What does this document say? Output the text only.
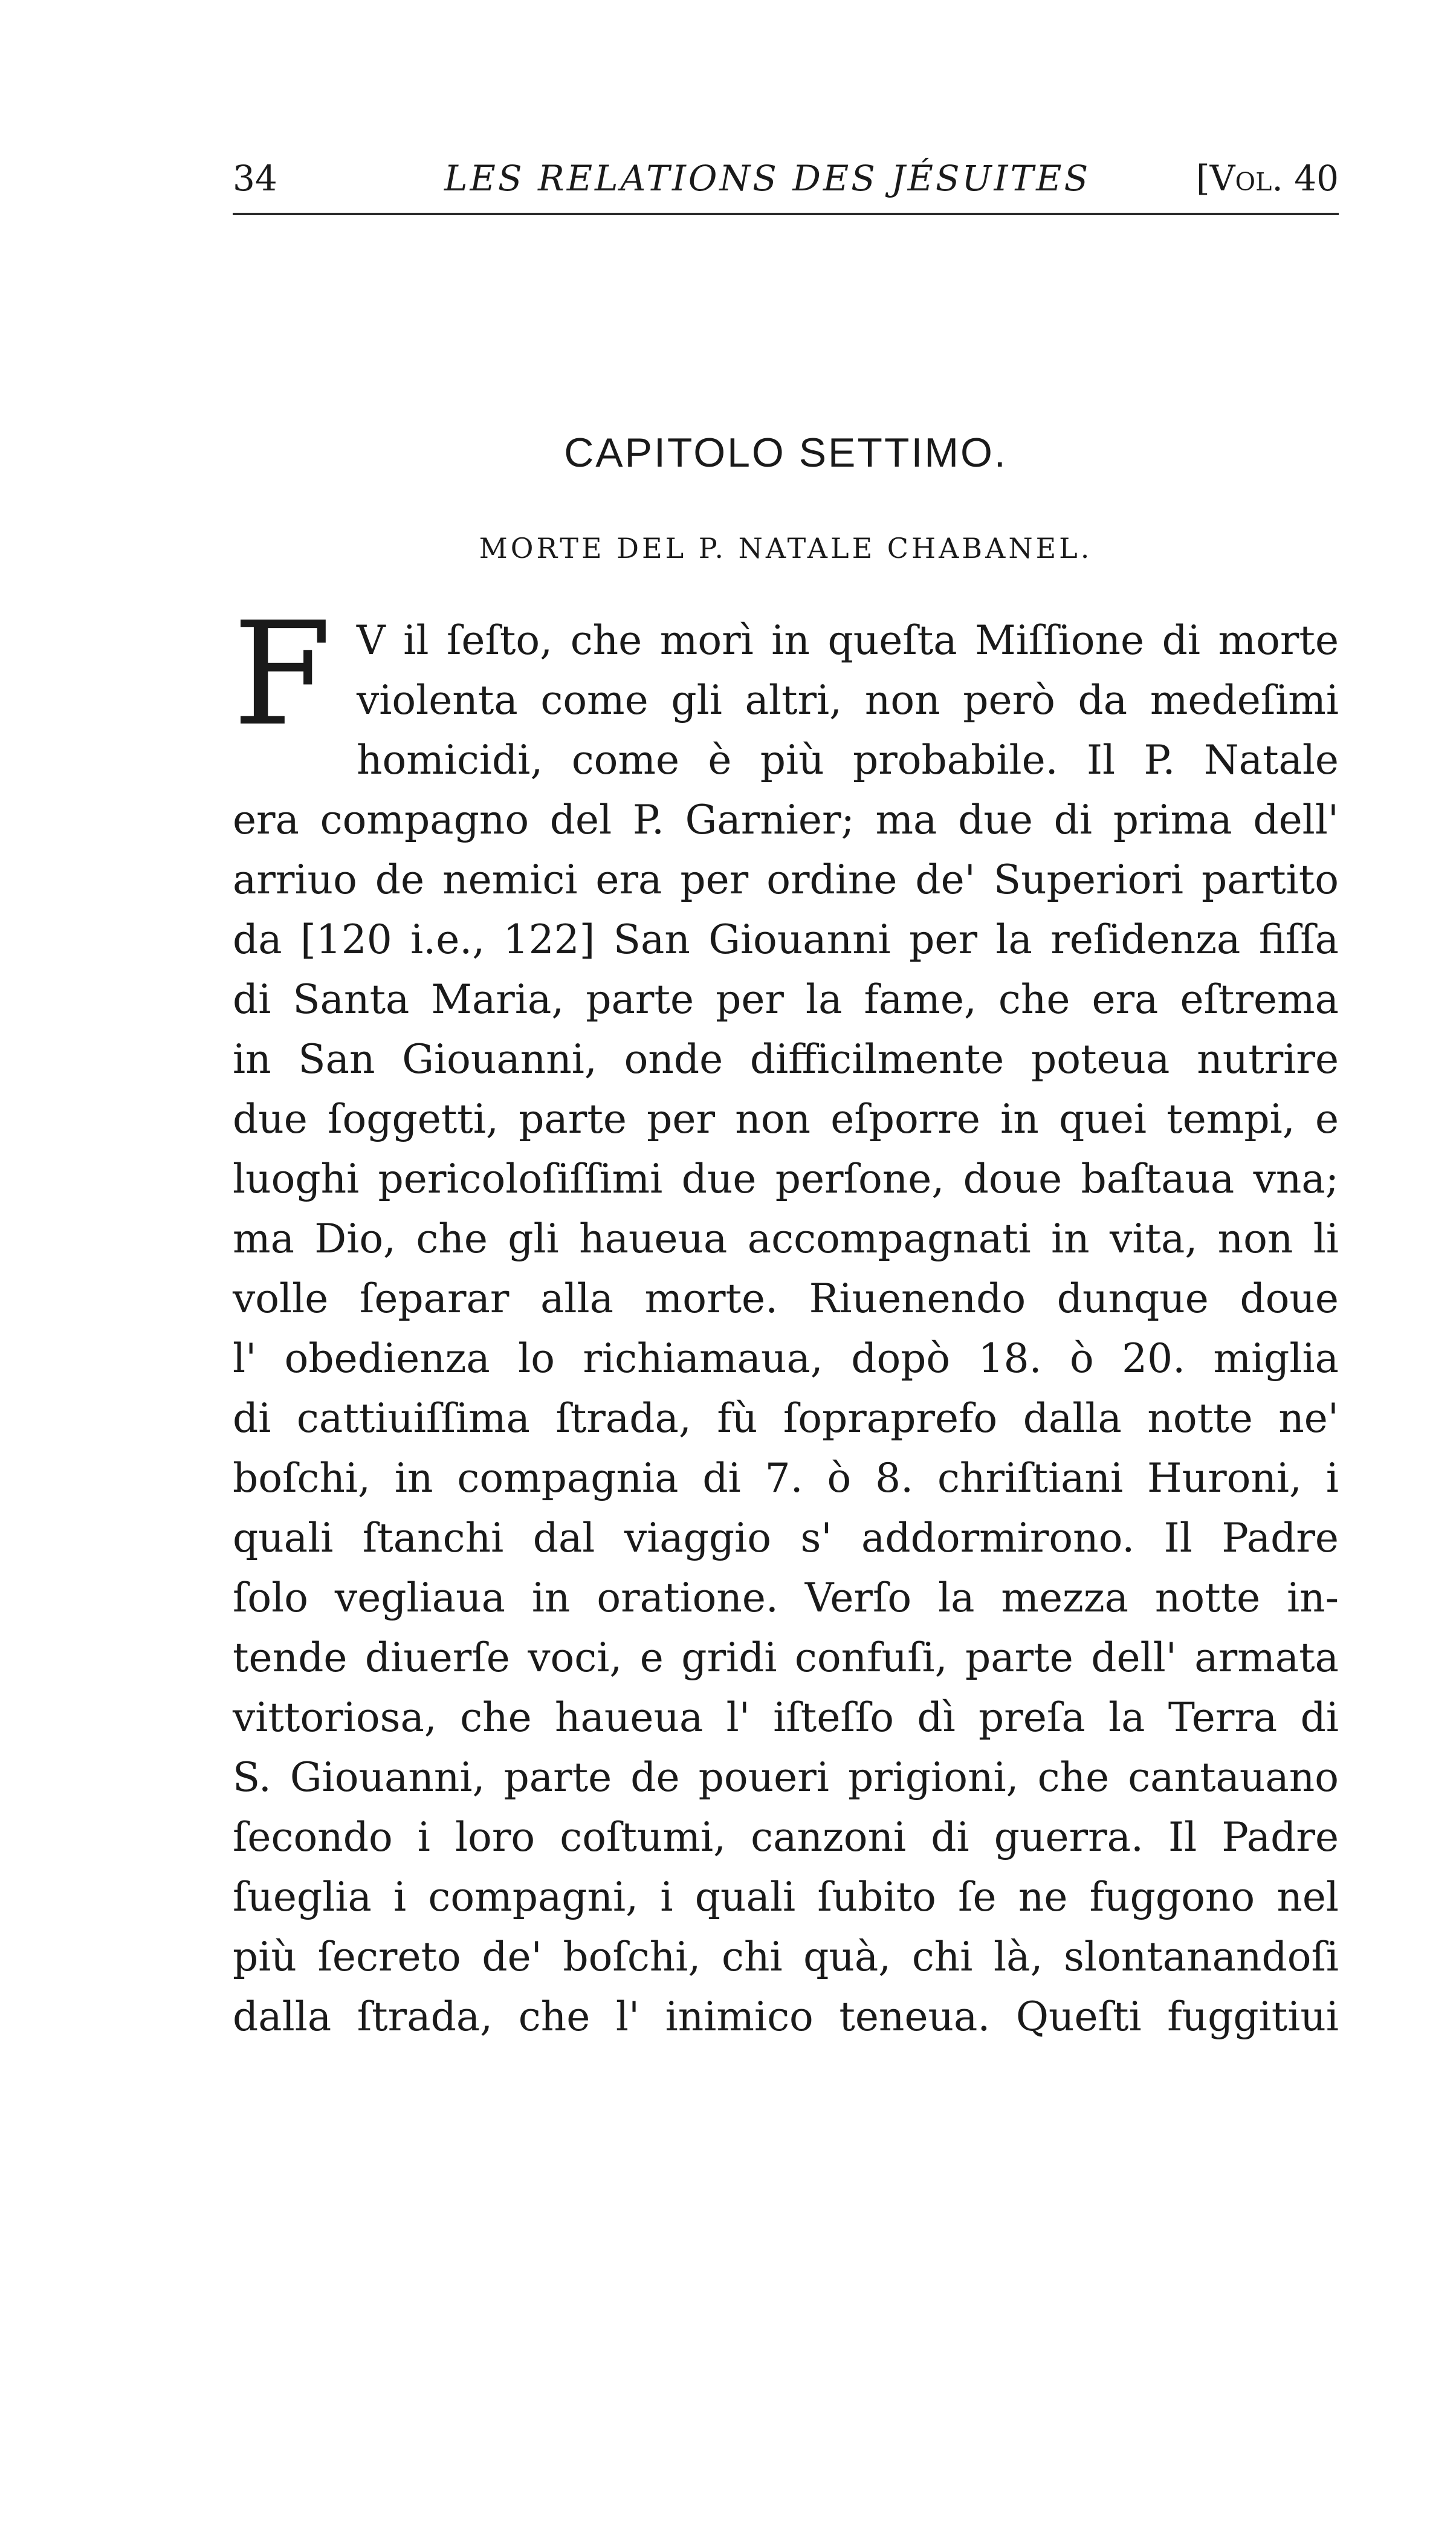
34	LES RELATIONS DES JÉSUITES	[Vol. 40
CAPITOLO SETTIMO.
MORTE DEL P. NATALE CHABANEL.
F V il ſeſto, che morì in queſta Miſſione di morte
violenta come gli altri, non però da medeſimi
homicidi, come è più probabile. Il P. Natale
era compagno del P. Garnier; ma due di prima dell'
arriuo de nemici era per ordine de' Superiori partito
da [120 i.e., 122] San Giouanni per la reſidenza fiſſa
di Santa Maria, parte per la fame, che era eſtrema
in San Giouanni, onde difficilmente poteua nutrire
due ſoggetti, parte per non eſporre in quei tempi, e
luoghi pericoloſiſſimi due perſone, doue baſtaua vna;
ma Dio, che gli haueua accompagnati in vita, non li
volle ſeparar alla morte. Riuenendo dunque doue
l' obedienza lo richiamaua, dopò 18. ò 20. miglia
di cattiuiſſima ſtrada, fù ſopraprefo dalla notte ne'
boſchi, in compagnia di 7. ò 8. chriſtiani Huroni, i
quali ſtanchi dal viaggio s' addormirono. Il Padre
ſolo vegliaua in oratione. Verſo la mezza notte in-
tende diuerſe voci, e gridi confuſi, parte dell' armata
vittoriosa, che haueua l' iſteſſo dì preſa la Terra di
S. Giouanni, parte de poueri prigioni, che cantauano
ſecondo i loro coſtumi, canzoni di guerra. Il Padre
ſueglia i compagni, i quali ſubito ſe ne fuggono nel
più ſecreto de' boſchi, chi quà, chi là, slontanandoſi
dalla ſtrada, che l' inimico teneua. Queſti fuggitiui
